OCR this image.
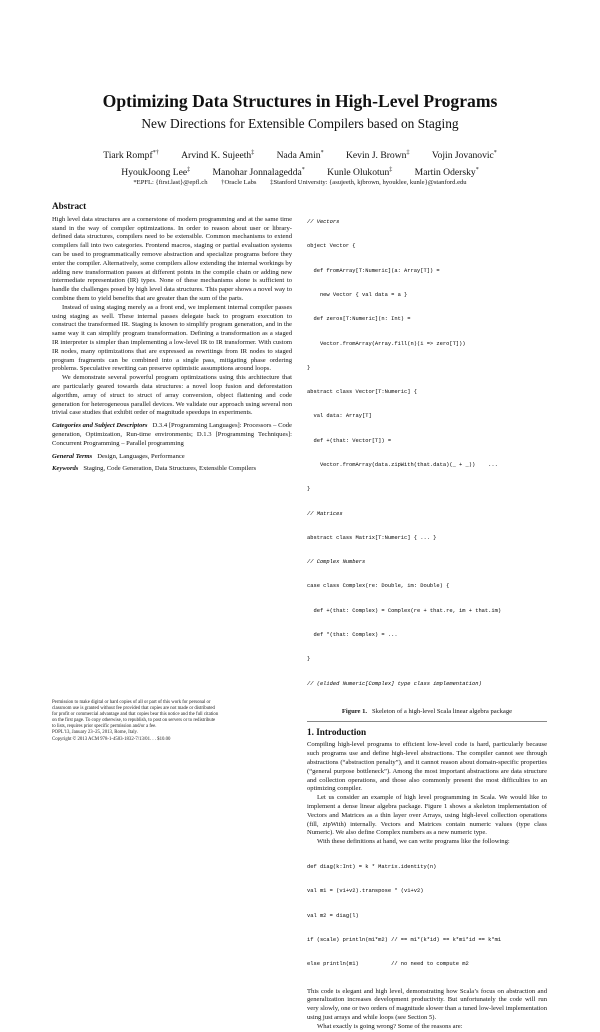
Optimizing Data Structures in High-Level Programs
New Directions for Extensible Compilers based on Staging
Tiark Rompf*† Arvind K. Sujeeth‡ Nada Amin* Kevin J. Brown‡ Vojin Jovanovic*
HyoukJoong Lee‡ Manohar Jonnalagedda* Kunle Olukotun‡ Martin Odersky*
*EPFL: {first.last}@epfl.ch †Oracle Labs ‡Stanford University: {asujeeth, kjbrown, hyouklee, kunle}@stanford.edu
Abstract

High level data structures are a cornerstone of modern programming and at the same time stand in the way of compiler optimizations. In order to reason about user or library-defined data structures, compilers need to be extensible. Common mechanisms to extend compilers fall into two categories. Frontend macros, staging or partial evaluation systems can be used to programmatically remove abstraction and specialize programs before they enter the compiler. Alternatively, some compilers allow extending the internal workings by adding new transformation passes at different points in the compile chain or adding new intermediate representation (IR) types. None of these mechanisms alone is sufficient to handle the challenges posed by high level data structures. This paper shows a novel way to combine them to yield benefits that are greater than the sum of the parts.

Instead of using staging merely as a front end, we implement internal compiler passes using staging as well. These internal passes delegate back to program execution to construct the transformed IR. Staging is known to simplify program generation, and in the same way it can simplify program transformation. Defining a transformation as a staged IR interpreter is simpler than implementing a low-level IR to IR transformer. With custom IR nodes, many optimizations that are expressed as rewritings from IR nodes to staged program fragments can be combined into a single pass, mitigating phase ordering problems. Speculative rewriting can preserve optimistic assumptions around loops.

We demonstrate several powerful program optimizations using this architecture that are particularly geared towards data structures: a novel loop fusion and deforestation algorithm, array of struct to struct of array conversion, object flattening and code generation for heterogeneous parallel devices. We validate our approach using several non trivial case studies that exhibit order of magnitude speedups in experiments.

Categories and Subject Descriptors D.3.4 [Programming Languages]: Processors – Code generation, Optimization, Run-time environments; D.1.3 [Programming Techniques]: Concurrent Programming – Parallel programming

General Terms Design, Languages, Performance

Keywords Staging, Code Generation, Data Structures, Extensible Compilers

Permission to make digital or hard copies of all or part of this work for personal or
classroom use is granted without fee provided that copies are not made or distributed
for profit or commercial advantage and that copies bear this notice and the full citation
on the first page. To copy otherwise, to republish, to post on servers or to redistribute
to lists, requires prior specific permission and/or a fee.
POPL'13, January 23–25, 2013, Rome, Italy.
Copyright © 2013 ACM 978-1-4503-1832-7/13/01. . . $10.00

// Vectors

object Vector {

def fromArray[T:Numeric](a: Array[T]) =

new Vector { val data = a }

def zeros[T:Numeric](n: Int) =

Vector.fromArray(Array.fill(n)(i => zero[T]))

}

abstract class Vector[T:Numeric] {

val data: Array[T]

def +(that: Vector[T]) =

Vector.fromArray(data.zipWith(that.data)(_ + _))    ...

}

// Matrices

abstract class Matrix[T:Numeric] { ... }

// Complex Numbers

case class Complex(re: Double, im: Double) {

def +(that: Complex) = Complex(re + that.re, im + that.im)

def *(that: Complex) = ...

}

// (elided Numeric[Complex] type class implementation)

Figure 1. Skeleton of a high-level Scala linear algebra package
1. Introduction

Compiling high-level programs to efficient low-level code is hard, particularly because such programs use and define high-level abstractions. The compiler cannot see through abstractions (“abstraction penalty”), and it cannot reason about domain-specific properties (“general purpose bottleneck”). Among the most important abstractions are data structure and collection operations, and those also commonly present the most difficulties to an optimizing compiler.

Let us consider an example of high level programming in Scala. We would like to implement a dense linear algebra package. Figure 1 shows a skeleton implementation of Vectors and Matrices as a thin layer over Arrays, using high-level collection operations (fill, zipWith) internally. Vectors and Matrices contain numeric values (type class Numeric). We also define Complex numbers as a new numeric type.

With these definitions at hand, we can write programs like the following:

def diag(k:Int) = k * Matrix.identity(n)

val m1 = (v1+v2).transpose * (v1+v2)

val m2 = diag(l)

if (scale) println(m1*m2) // == m1*(k*id) == k*m1*id == k*m1

else println(m1)          // no need to compute m2

This code is elegant and high level, demonstrating how Scala’s focus on abstraction and generalization increases development productivity. But unfortunately the code will run very slowly, one or two orders of magnitude slower than a tuned low-level implementation using just arrays and while loops (see Section 5).

What exactly is going wrong? Some of the reasons are:
